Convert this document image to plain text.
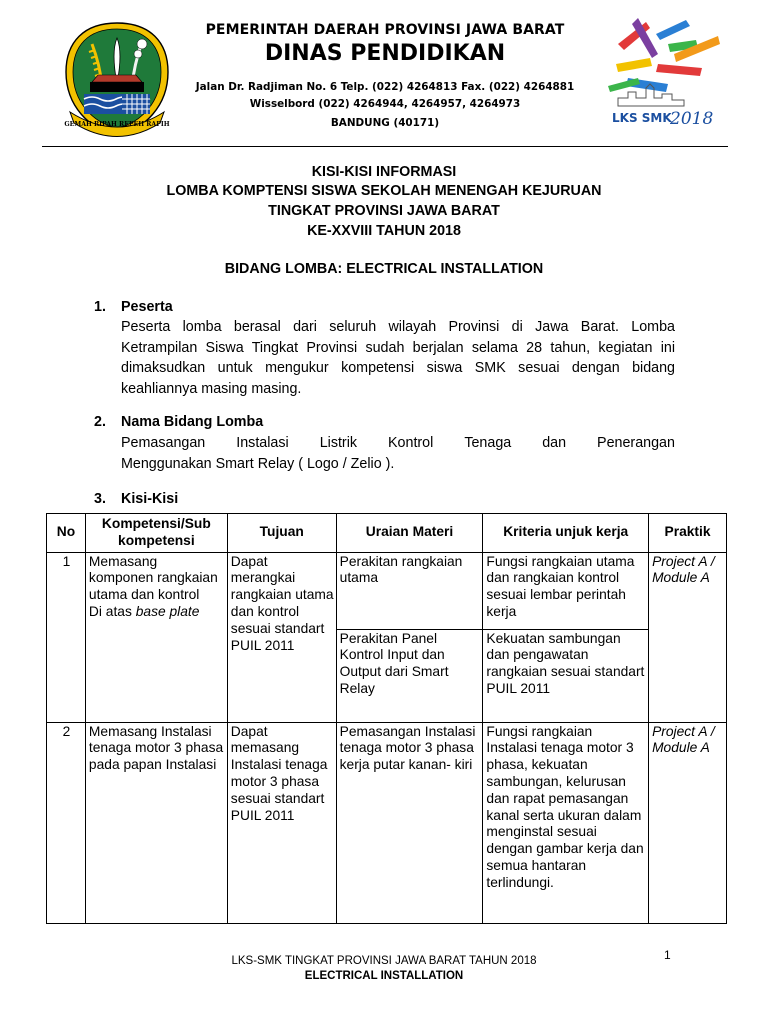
GEMAH RIPAH REPEH RAPIH
PEMERINTAH DAERAH PROVINSI JAWA BARAT
DINAS PENDIDIKAN
Jalan Dr. Radjiman No. 6 Telp. (022) 4264813 Fax. (022) 4264881
Wisselbord (022) 4264944, 4264957, 4264973
BANDUNG (40171)	LKS SMK
2018
KISI-KISI INFORMASI
LOMBA KOMPTENSI SISWA SEKOLAH MENENGAH KEJURUAN
TINGKAT PROVINSI JAWA BARAT
KE-XXVIII TAHUN 2018
BIDANG LOMBA: ELECTRICAL INSTALLATION
1. Peserta
Peserta lomba berasal dari seluruh wilayah Provinsi di Jawa Barat. Lomba
Ketrampilan Siswa Tingkat Provinsi sudah berjalan selama 28 tahun, kegiatan ini
dimaksudkan untuk mengukur kompetensi siswa SMK sesuai dengan bidang
keahliannya masing masing.
2. Nama Bidang Lomba
Pemasangan Instalasi Listrik Kontrol Tenaga dan Penerangan
Menggunakan Smart Relay ( Logo / Zelio ).
3. Kisi-Kisi
No	Kompetensi/Sub kompetensi	Tujuan	Uraian Materi	Kriteria unjuk kerja	Praktik
1	Memasang komponen rangkaian utama dan kontrol
Di atas base plate	Dapat merangkai rangkaian utama dan kontrol sesuai standart PUIL 2011	Perakitan rangkaian utama	Fungsi rangkaian utama dan rangkaian kontrol sesuai lembar perintah kerja	Project A / Module A
			Perakitan Panel Kontrol Input dan Output dari Smart Relay	Kekuatan sambungan dan pengawatan rangkaian sesuai standart PUIL 2011	
2	Memasang Instalasi tenaga motor 3 phasa pada papan Instalasi	Dapat memasang Instalasi tenaga motor 3 phasa sesuai standart PUIL 2011	Pemasangan Instalasi tenaga motor 3 phasa kerja putar kanan- kiri	Fungsi rangkaian Instalasi tenaga motor 3 phasa, kekuatan sambungan, kelurusan dan rapat pemasangan kanal serta ukuran dalam menginstal sesuai dengan gambar kerja dan semua hantaran terlindungi.	Project A / Module A
LKS-SMK TINGKAT PROVINSI JAWA BARAT TAHUN 2018
ELECTRICAL INSTALLATION
1
